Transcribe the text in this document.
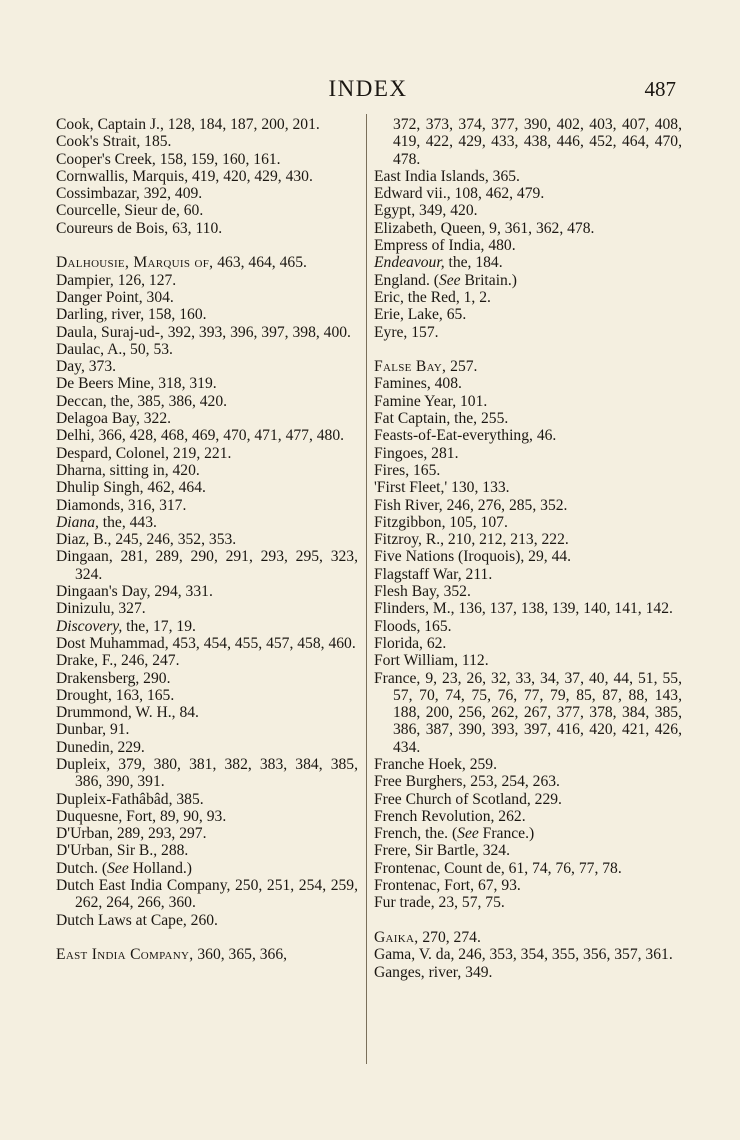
INDEX	487
Cook, Captain J., 128, 184, 187, 200, 201.
Cook's Strait, 185.
Cooper's Creek, 158, 159, 160, 161.
Cornwallis, Marquis, 419, 420, 429, 430.
Cossimbazar, 392, 409.
Courcelle, Sieur de, 60.
Coureurs de Bois, 63, 110.
Dalhousie, Marquis of, 463, 464, 465.
Dampier, 126, 127.
Danger Point, 304.
Darling, river, 158, 160.
Daula, Suraj-ud-, 392, 393, 396, 397, 398, 400.
Daulac, A., 50, 53.
Day, 373.
De Beers Mine, 318, 319.
Deccan, the, 385, 386, 420.
Delagoa Bay, 322.
Delhi, 366, 428, 468, 469, 470, 471, 477, 480.
Despard, Colonel, 219, 221.
Dharna, sitting in, 420.
Dhulip Singh, 462, 464.
Diamonds, 316, 317.
Diana, the, 443.
Diaz, B., 245, 246, 352, 353.
Dingaan, 281, 289, 290, 291, 293, 295, 323, 324.
Dingaan's Day, 294, 331.
Dinizulu, 327.
Discovery, the, 17, 19.
Dost Muhammad, 453, 454, 455, 457, 458, 460.
Drake, F., 246, 247.
Drakensberg, 290.
Drought, 163, 165.
Drummond, W. H., 84.
Dunbar, 91.
Dunedin, 229.
Dupleix, 379, 380, 381, 382, 383, 384, 385, 386, 390, 391.
Dupleix-Fathâbâd, 385.
Duquesne, Fort, 89, 90, 93.
D'Urban, 289, 293, 297.
D'Urban, Sir B., 288.
Dutch. (See Holland.)
Dutch East India Company, 250, 251, 254, 259, 262, 264, 266, 360.
Dutch Laws at Cape, 260.
East India Company, 360, 365, 366,
372, 373, 374, 377, 390, 402, 403, 407, 408, 419, 422, 429, 433, 438, 446, 452, 464, 470, 478.
East India Islands, 365.
Edward vii., 108, 462, 479.
Egypt, 349, 420.
Elizabeth, Queen, 9, 361, 362, 478.
Empress of India, 480.
Endeavour, the, 184.
England. (See Britain.)
Eric, the Red, 1, 2.
Erie, Lake, 65.
Eyre, 157.
False Bay, 257.
Famines, 408.
Famine Year, 101.
Fat Captain, the, 255.
Feasts-of-Eat-everything, 46.
Fingoes, 281.
Fires, 165.
'First Fleet,' 130, 133.
Fish River, 246, 276, 285, 352.
Fitzgibbon, 105, 107.
Fitzroy, R., 210, 212, 213, 222.
Five Nations (Iroquois), 29, 44.
Flagstaff War, 211.
Flesh Bay, 352.
Flinders, M., 136, 137, 138, 139, 140, 141, 142.
Floods, 165.
Florida, 62.
Fort William, 112.
France, 9, 23, 26, 32, 33, 34, 37, 40, 44, 51, 55, 57, 70, 74, 75, 76, 77, 79, 85, 87, 88, 143, 188, 200, 256, 262, 267, 377, 378, 384, 385, 386, 387, 390, 393, 397, 416, 420, 421, 426, 434.
Franche Hoek, 259.
Free Burghers, 253, 254, 263.
Free Church of Scotland, 229.
French Revolution, 262.
French, the. (See France.)
Frere, Sir Bartle, 324.
Frontenac, Count de, 61, 74, 76, 77, 78.
Frontenac, Fort, 67, 93.
Fur trade, 23, 57, 75.
Gaika, 270, 274.
Gama, V. da, 246, 353, 354, 355, 356, 357, 361.
Ganges, river, 349.
